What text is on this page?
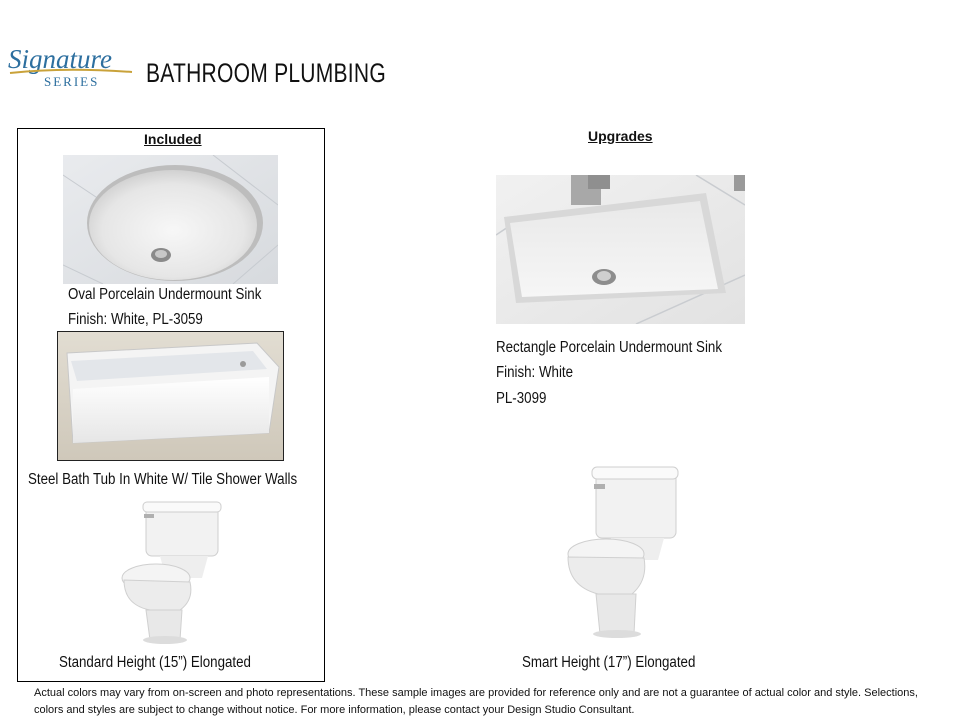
Signature
SERIES BATHROOM PLUMBING
Included
Oval Porcelain Undermount Sink
Finish: White, PL-3059
Steel Bath Tub In White W/ Tile Shower Walls
Standard Height (15”) Elongated
Upgrades
Rectangle Porcelain Undermount Sink
Finish: White
PL-3099
Smart Height (17”) Elongated
Actual colors may vary from on-screen and photo representations. These sample images are provided for reference only and are not a guarantee of actual color and style. Selections, colors and styles are subject to change without notice. For more information, please contact your Design Studio Consultant.
